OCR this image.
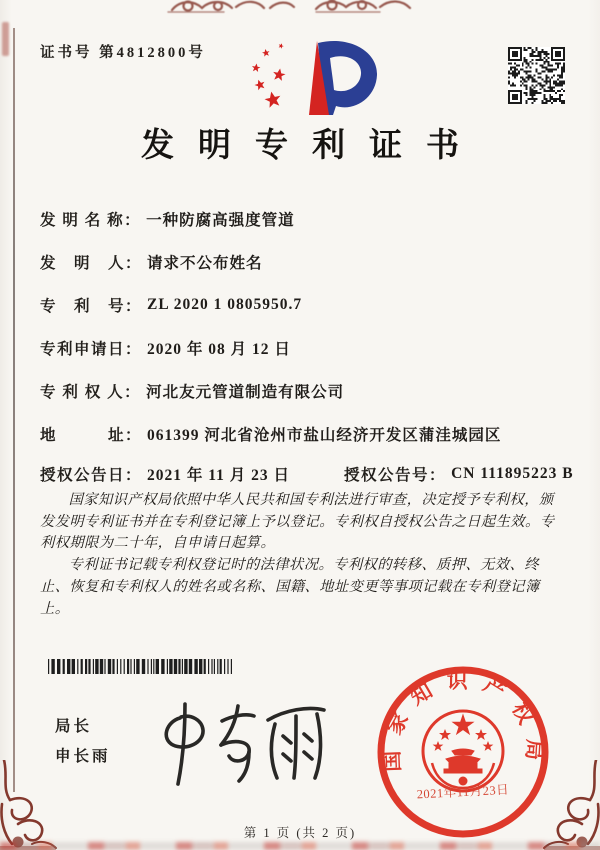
证书号 第4812800号
发明专利证书
发 明 名 称： 一种防腐高强度管道
发　明　人： 请求不公布姓名
专　利　号： ZL 2020 1 0805950.7
专利申请日： 2020 年 08 月 12 日
专 利 权 人： 河北友元管道制造有限公司
地　　　址： 061399 河北省沧州市盐山经济开发区蒲洼城园区
授权公告日： 2021 年 11 月 23 日	授权公告号： CN 111895223 B

国家知识产权局依照中华人民共和国专利法进行审查，决定授予专利权，颁发发明专利证书并在专利登记簿上予以登记。专利权自授权公告之日起生效。专利权期限为二十年，自申请日起算。

专利证书记载专利权登记时的法律状况。专利权的转移、质押、无效、终止、恢复和专利权人的姓名或名称、国籍、地址变更等事项记载在专利登记簿上。

局长
申长雨	国家知识产权局
2021年11月23日
第 1 页 (共 2 页)
